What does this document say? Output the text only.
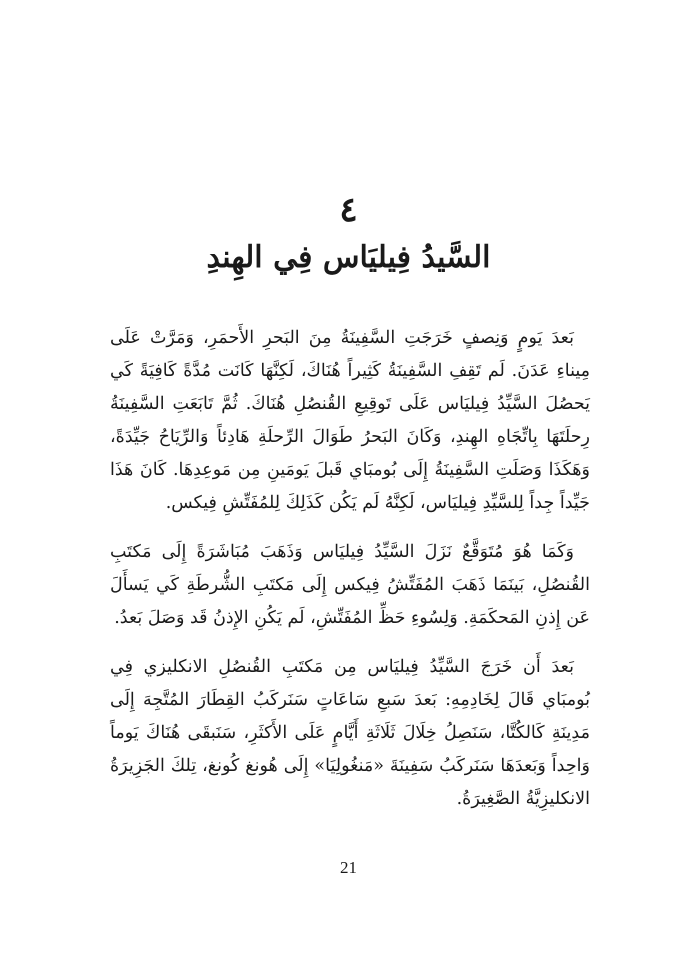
٤
السَّيدُ فِيليَاس فِي الهِندِ

بَعدَ يَومٍ وَنِصفٍ خَرَجَتِ السَّفِينَةُ مِنَ البَحرِ الأَحمَرِ، وَمَرَّتْ عَلَى مِيناءِ عَدَنَ. لَم تَقِفِ السَّفِينَةُ كَثِيراً هُنَاكَ، لَكِنَّهَا كَانَت مُدَّةً كَافِيَةً كَي يَحصُلَ السَّيِّدُ فِيليَاس عَلَى تَوقِيعِ القُنصُلِ هُنَاكَ. ثُمَّ تَابَعَتِ السَّفِينَةُ رِحلَتَهَا بِاتِّجَاهِ الهِندِ، وَكَانَ البَحرُ طَوَالَ الرِّحلَةِ هَادِئاً وَالرِّيَاحُ جَيِّدَةً، وَهَكَذَا وَصَلَتِ السَّفِينَةُ إِلَى بُومبَاي قَبلَ يَومَينِ مِن مَوعِدِهَا. كَانَ هَذَا جَيِّداً جِداً لِلسَّيِّدِ فِيليَاس، لَكِنَّهُ لَم يَكُن كَذَلِكَ لِلمُفَتِّشِ فِيكس.

وَكَمَا هُوَ مُتَوَقَّعٌ نَزَلَ السَّيِّدُ فِيليَاس وَذَهَبَ مُبَاشَرَةً إِلَى مَكتَبِ القُنصُلِ، بَينَمَا ذَهَبَ المُفَتِّشُ فِيكس إِلَى مَكتَبِ الشُّرطَةِ كَي يَسأَلَ عَن إِذنِ المَحكَمَةِ. وَلِسُوءِ حَظِّ المُفَتِّشِ، لَم يَكُنِ الإِذنُ قَد وَصَلَ بَعدُ.

بَعدَ أَن خَرَجَ السَّيِّدُ فِيليَاس مِن مَكتَبِ القُنصُلِ الانكليزي فِي بُومبَاي قَالَ لِخَادِمِهِ: بَعدَ سَبعِ سَاعَاتٍ سَنَركَبُ القِطَارَ المُتَّجِهَ إِلَى مَدِينَةِ كَالكُتَّا، سَنَصِلُ خِلَالَ ثَلَاثَةِ أَيَّامٍ عَلَى الأَكثَرِ، سَنَبقَى هُنَاكَ يَوماً وَاحِداً وَبَعدَهَا سَنَركَبُ سَفِينَةَ «مَنغُولِيَا» إِلَى هُونغ كُونغ، تِلكَ الجَزِيرَةُ الانكليزِيَّةُ الصَّغِيرَةُ.

21
